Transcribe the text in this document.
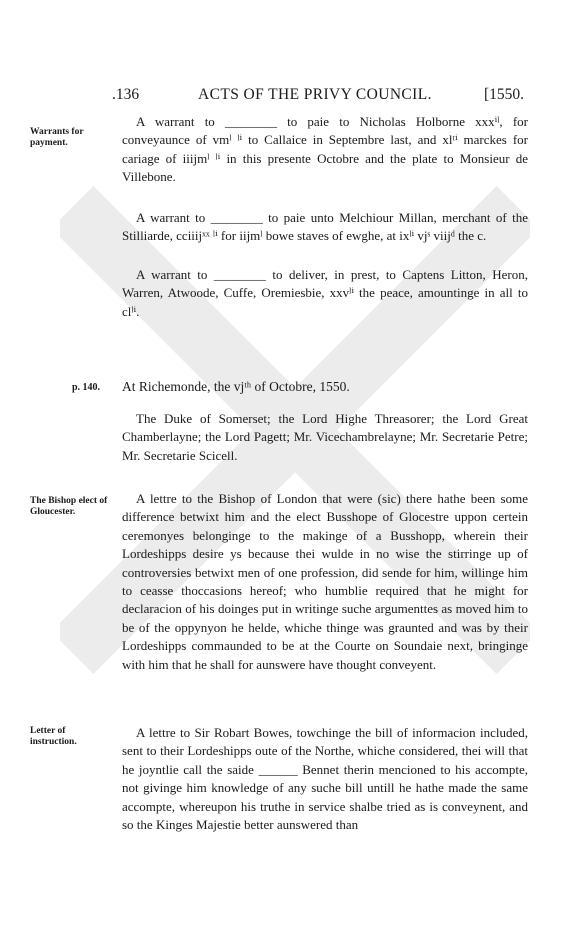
.136	ACTS OF THE PRIVY COUNCIL.	[1550.
Warrants for payment.

A warrant to ________ to paie to Nicholas Holborne xxxⁱˡ, for conveyaunce of vmˡ ˡⁱ to Callaice in Septembre last, and xlᵗⁱ marckes for cariage of iiijmˡ ˡⁱ in this presente Octobre and the plate to Monsieur de Villebone.

A warrant to ________ to paie unto Melchiour Millan, merchant of the Stilliarde, cciiijˣˣ ˡⁱ for iijmˡ bowe staves of ewghe, at ixˡⁱ vjˢ viijᵈ the c.

A warrant to ________ to deliver, in prest, to Captens Litton, Heron, Warren, Atwoode, Cuffe, Oremiesbie, xxvˡⁱ the peace, amountinge in all to clˡⁱ.

p. 140. At Richemonde, the vjᵗʰ of Octobre, 1550.

The Duke of Somerset; the Lord Highe Threasorer; the Lord Great Chamberlayne; the Lord Pagett; Mr. Vicechambrelayne; Mr. Secretarie Petre; Mr. Secretarie Scicell.

The Bishop elect of Gloucester.

A lettre to the Bishop of London that were (sic) there hathe been some difference betwixt him and the elect Busshope of Glocestre uppon certein ceremonyes belonginge to the makinge of a Busshopp, wherein their Lordeshipps desire ys because thei wulde in no wise the stirringe up of controversies betwixt men of one profession, did sende for him, willinge him to ceasse thoccasions hereof; who humblie required that he might for declaracion of his doinges put in writinge suche argumenttes as moved him to be of the oppynyon he helde, whiche thinge was graunted and was by their Lordeshipps commaunded to be at the Courte on Soundaie next, bringinge with him that he shall for aunswere have thought conveyent.

Letter of instruction.

A lettre to Sir Robart Bowes, towchinge the bill of informacion included, sent to their Lordeshipps oute of the Northe, whiche considered, thei will that he joyntlie call the saide ______ Bennet therin mencioned to his accompte, not givinge him knowledge of any suche bill untill he hathe made the same accompte, whereupon his truthe in service shalbe tried as is conveynent, and so the Kinges Majestie better aunswered than
